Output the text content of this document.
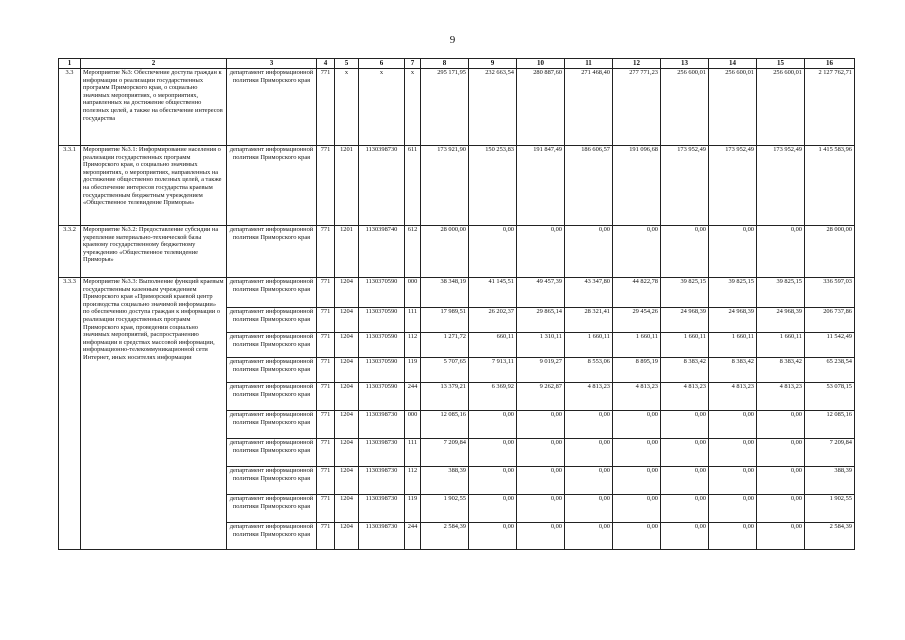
9
1	2	3	4	5	6	7	8	9	10	11	12	13	14	15	16
3.3	Мероприятие №3: Обеспечение доступа граждан к информации о реализации государственных программ Приморского края, о социально значимых мероприятиях, о мероприятиях, направленных на достижение общественно полезных целей, а также на обеспечение интересов государства	департамент информационной политики Приморского края	771	х	х	х	295 171,95	232 663,54	280 887,60	271 468,40	277 771,23	256 600,01	256 600,01	256 600,01	2 127 762,71
3.3.1	Мероприятие №3.1: Информирование населения о реализации государственных программ Приморского края, о социально значимых мероприятиях, о мероприятиях, направленных на достижение общественно полезных целей, а также на обеспечение интересов государства краевым государственным бюджетным учреждением «Общественное телевидение Приморья»	департамент информационной политики Приморского края	771	1201	1130398730	611	173 921,90	150 253,83	191 847,49	186 606,57	191 096,68	173 952,49	173 952,49	173 952,49	1 415 583,96
3.3.2	Мероприятие №3.2: Предоставление субсидии на укрепление материально-технической базы краевому государственному бюджетному учреждению «Общественное телевидение Приморья»	департамент информационной политики Приморского края	771	1201	1130398740	612	28 000,00	0,00	0,00	0,00	0,00	0,00	0,00	0,00	28 000,00
3.3.3	Мероприятие №3.3: Выполнение функций краевым государственным казенным учреждением Приморского края «Приморский краевой центр производства социально значимой информации» по обеспечению доступа граждан к информации о реализации государственных программ Приморского края, проведении социально значимых мероприятий, распространению информации в средствах массовой информации, информационно-телекоммуникационной сети Интернет, иных носителях информации	департамент информационной политики Приморского края	771	1204	1130370590	000	38 348,19	41 145,51	49 457,39	43 347,80	44 822,78	39 825,15	39 825,15	39 825,15	336 597,03
		департамент информационной политики Приморского края	771	1204	1130370590	111	17 989,51	26 202,37	29 865,14	28 321,41	29 454,26	24 968,39	24 968,39	24 968,39	206 737,86
		департамент информационной политики Приморского края	771	1204	1130370590	112	1 271,72	660,11	1 310,11	1 660,11	1 660,11	1 660,11	1 660,11	1 660,11	11 542,49
		департамент информационной политики Приморского края	771	1204	1130370590	119	5 707,65	7 913,11	9 019,27	8 553,06	8 895,19	8 383,42	8 383,42	8 383,42	65 238,54
		департамент информационной политики Приморского края	771	1204	1130370590	244	13 379,21	6 369,92	9 262,87	4 813,23	4 813,23	4 813,23	4 813,23	4 813,23	53 078,15
		департамент информационной политики Приморского края	771	1204	1130398730	000	12 085,16	0,00	0,00	0,00	0,00	0,00	0,00	0,00	12 085,16
		департамент информационной политики Приморского края	771	1204	1130398730	111	7 209,84	0,00	0,00	0,00	0,00	0,00	0,00	0,00	7 209,84
		департамент информационной политики Приморского края	771	1204	1130398730	112	388,39	0,00	0,00	0,00	0,00	0,00	0,00	0,00	388,39
		департамент информационной политики Приморского края	771	1204	1130398730	119	1 902,55	0,00	0,00	0,00	0,00	0,00	0,00	0,00	1 902,55
		департамент информационной политики Приморского края	771	1204	1130398730	244	2 584,39	0,00	0,00	0,00	0,00	0,00	0,00	0,00	2 584,39
